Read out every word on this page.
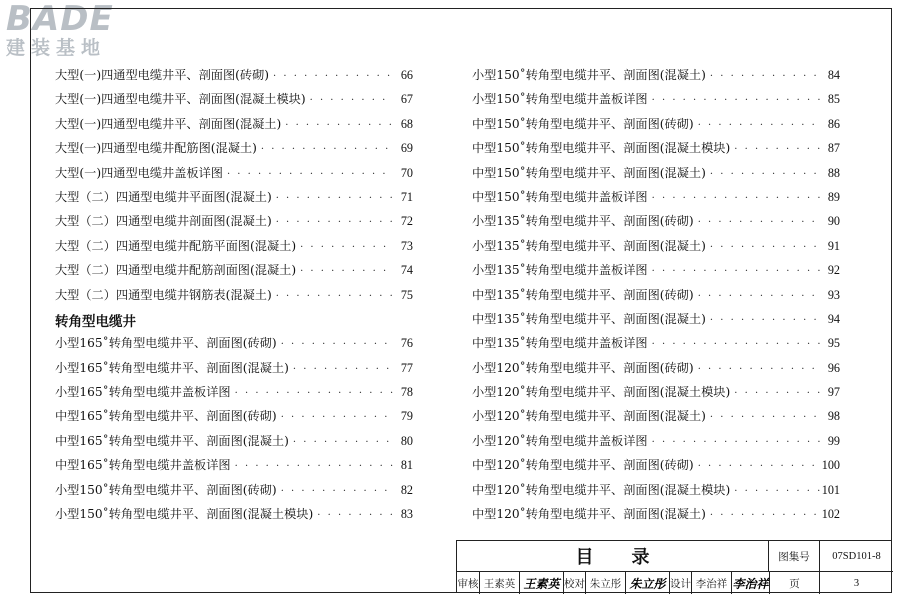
BADE
建装基地
大型(一)四通型电缆井平、剖面图(砖砌) · · ·	66
大型(一)四通型电缆井平、剖面图(混凝土模块) · · ·	67
大型(一)四通型电缆井平、剖面图(混凝土) · · ·	68
大型(一)四通型电缆井配筋图(混凝土) · · ·	69
大型(一)四通型电缆井盖板详图 · · ·	70
大型（二）四通型电缆井平面图(混凝土) · · ·	71
大型（二）四通型电缆井剖面图(混凝土) · · ·	72
大型（二）四通型电缆井配筋平面图(混凝土) · · ·	73
大型（二）四通型电缆井配筋剖面图(混凝土) · · ·	74
大型（二）四通型电缆井钢筋表(混凝土) · · ·	75
转角型电缆井
小型165˚转角型电缆井平、剖面图(砖砌) · · ·	76
小型165˚转角型电缆井平、剖面图(混凝土) · · ·	77
小型165˚转角型电缆井盖板详图 · · ·	78
中型165˚转角型电缆井平、剖面图(砖砌) · · ·	79
中型165˚转角型电缆井平、剖面图(混凝土) · · ·	80
中型165˚转角型电缆井盖板详图 · · ·	81
小型150˚转角型电缆井平、剖面图(砖砌) · · ·	82
小型150˚转角型电缆井平、剖面图(混凝土模块) · · ·	83
小型150˚转角型电缆井平、剖面图(混凝土) · · ·	84
小型150˚转角型电缆井盖板详图 · · ·	85
中型150˚转角型电缆井平、剖面图(砖砌) · · ·	86
中型150˚转角型电缆井平、剖面图(混凝土模块) · · ·	87
中型150˚转角型电缆井平、剖面图(混凝土) · · ·	88
中型150˚转角型电缆井盖板详图 · · ·	89
小型135˚转角型电缆井平、剖面图(砖砌) · · ·	90
小型135˚转角型电缆井平、剖面图(混凝土) · · ·	91
小型135˚转角型电缆井盖板详图 · · ·	92
中型135˚转角型电缆井平、剖面图(砖砌) · · ·	93
中型135˚转角型电缆井平、剖面图(混凝土) · · ·	94
中型135˚转角型电缆井盖板详图 · · ·	95
小型120˚转角型电缆井平、剖面图(砖砌) · · ·	96
小型120˚转角型电缆井平、剖面图(混凝土模块) · · ·	97
小型120˚转角型电缆井平、剖面图(混凝土) · · ·	98
小型120˚转角型电缆井盖板详图 · · ·	99
中型120˚转角型电缆井平、剖面图(砖砌) · · ·	100
中型120˚转角型电缆井平、剖面图(混凝土模块) · · ·	101
中型120˚转角型电缆井平、剖面图(混凝土) · · ·	102
目录	图集号	07SD101-8
审核 王素英 王素英 校对 朱立彤 朱立彤 设计 李治祥 李治祥	页	3
